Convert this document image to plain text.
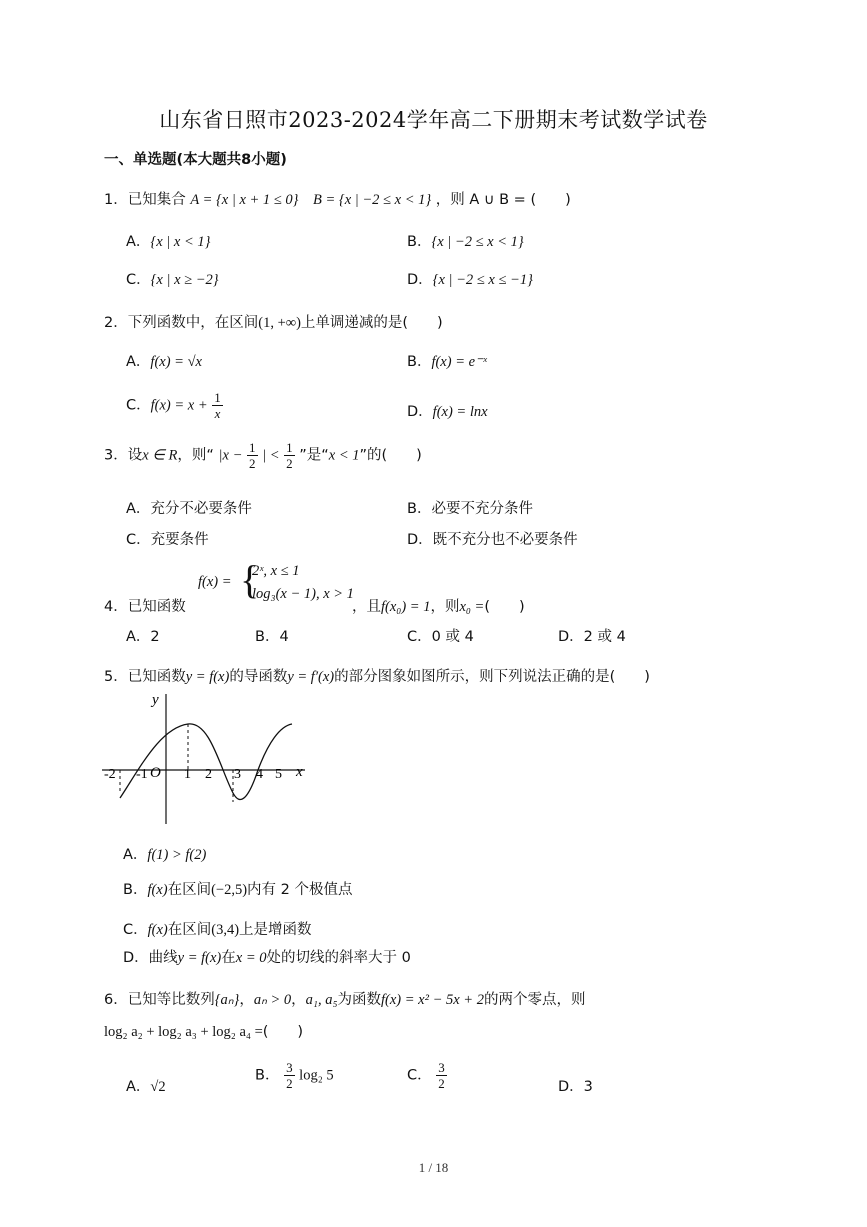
山东省日照市2023-2024学年高二下册期末考试数学试卷
一、单选题(本大题共8小题)
1．已知集合 A = {x | x + 1 ≤ 0} B = {x | −2 ≤ x < 1} ，则 A ∪ B = (　　)
A．{x | x < 1}	B．{x | −2 ≤ x < 1}
C．{x | x ≥ −2}	D．{x | −2 ≤ x ≤ −1}
2．下列函数中，在区间(1, +∞)上单调递减的是(　　)
A．f(x) = √x	B．f(x) = e⁻ˣ
C．$f(x) = x + \frac{1}{x}$	D．f(x) = lnx
3．设x ∈ R，则“ $|x - \frac{1}{2}$ | < $\frac{1}{2}$ ”是“x < 1”的(　　)
A．充分不必要条件	B．必要不充分条件
C．充要条件	D．既不充分也不必要条件
4．已知函数
f(x) = {
2ˣ, x ≤ 1
log₃(x − 1), x > 1
，且f(x₀) = 1，则x₀ =(　　)
A．2	B．4	C．0 或 4	D．2 或 4
5．已知函数y = f(x)的导函数y = f′(x)的部分图象如图所示，则下列说法正确的是(　　)
y
x
O
-2 -1	1 2 3 4 5
A．f(1) > f(2)
B．f(x)在区间(−2,5)内有 2 个极值点
C．f(x)在区间(3,4)上是增函数
D．曲线y = f(x)在x = 0处的切线的斜率大于 0
6．已知等比数列{aₙ}，aₙ > 0，a₁, a₅为函数f(x) = x² − 5x + 2的两个零点，则
log₂ a₂ + log₂ a₃ + log₂ a₄ =(　　)
A．√2
B． $\frac{3}{2} \log_2$ 5	C． $\frac{3}{2}$	D．3
1 / 18
